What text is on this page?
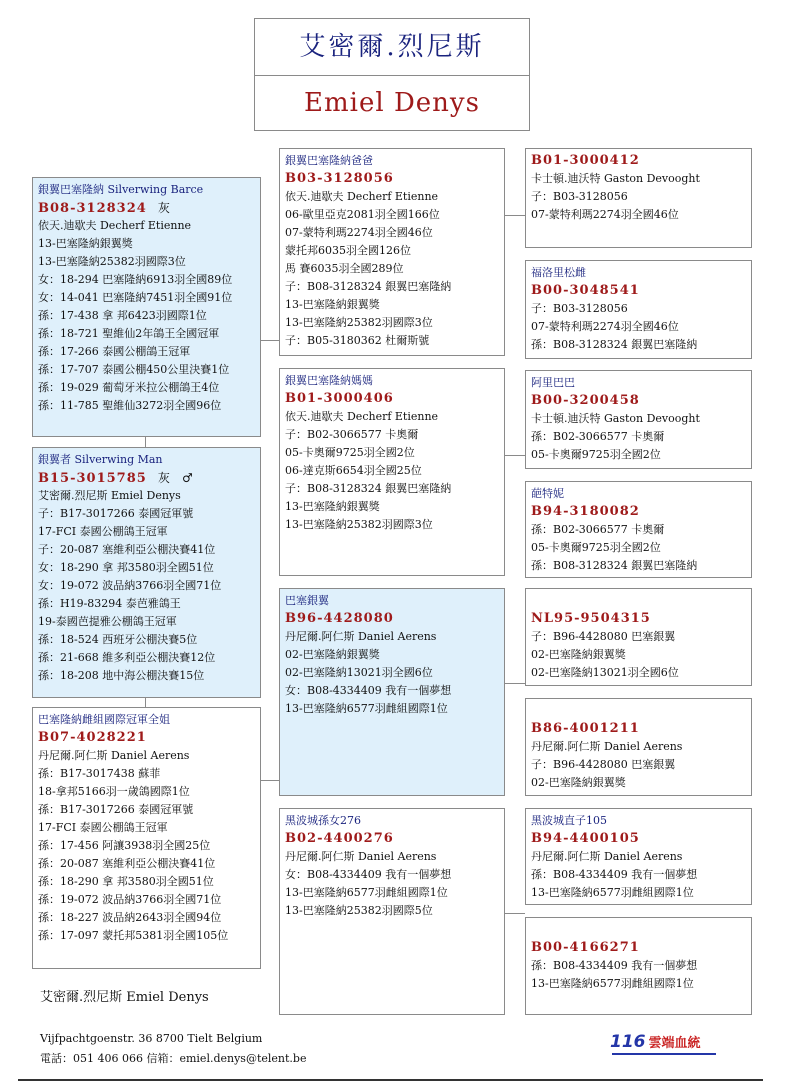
艾密爾.烈尼斯
Emiel Denys
銀翼巴塞隆納 Silverwing Barce
B08-3128324 灰
依天.迪歇夫 Decherf Etienne
13-巴塞隆納銀翼獎
13-巴塞隆納25382羽國際3位
女：18-294 巴塞隆納6913羽全國89位
女：14-041 巴塞隆納7451羽全國91位
孫：17-438 拿 邦6423羽國際1位
孫：18-721 聖維仙2年鴿王全國冠軍
孫：17-266 泰國公棚鴿王冠軍
孫：17-707 泰國公棚450公里決賽1位
孫：19-029 葡萄牙米拉公棚鴿王4位
孫：11-785 聖維仙3272羽全國96位
銀翼者 Silverwing Man
B15-3015785 灰 ♂
艾密爾.烈尼斯 Emiel Denys
子：B17-3017266 泰國冠軍號
17-FCI 泰國公棚鴿王冠軍
子：20-087 塞維利亞公棚決賽41位
女：18-290 拿 邦3580羽全國51位
女：19-072 波品納3766羽全國71位
孫：H19-83294 泰芭雅鴿王
19-泰國芭提雅公棚鴿王冠軍
孫：18-524 西班牙公棚決賽5位
孫：21-668 維多利亞公棚決賽12位
孫：18-208 地中海公棚決賽15位
巴塞隆納雌組國際冠軍全姐
B07-4028221
丹尼爾.阿仁斯 Daniel Aerens
孫：B17-3017438 蘇菲
18-拿邦5166羽一歲鴿國際1位
孫：B17-3017266 泰國冠軍號
17-FCI 泰國公棚鴿王冠軍
孫：17-456 阿讓3938羽全國25位
孫：20-087 塞維利亞公棚決賽41位
孫：18-290 拿 邦3580羽全國51位
孫：19-072 波品納3766羽全國71位
孫：18-227 波品納2643羽全國94位
孫：17-097 蒙托邦5381羽全國105位
銀翼巴塞隆納爸爸
B03-3128056
依天.迪歇夫 Decherf Etienne
06-歐里亞克2081羽全國166位
07-蒙特利瑪2274羽全國46位
蒙托邦6035羽全國126位
馬 賽6035羽全國289位
子：B08-3128324 銀翼巴塞隆納
13-巴塞隆納銀翼獎
13-巴塞隆納25382羽國際3位
子：B05-3180362 杜爾斯號
銀翼巴塞隆納媽媽
B01-3000406
依天.迪歇夫 Decherf Etienne
子：B02-3066577 卡奧爾
05-卡奧爾9725羽全國2位
06-達克斯6654羽全國25位
子：B08-3128324 銀翼巴塞隆納
13-巴塞隆納銀翼獎
13-巴塞隆納25382羽國際3位
巴塞銀翼
B96-4428080
丹尼爾.阿仁斯 Daniel Aerens
02-巴塞隆納銀翼獎
02-巴塞隆納13021羽全國6位
女：B08-4334409 我有一個夢想
13-巴塞隆納6577羽雌組國際1位
黑波城孫女276
B02-4400276
丹尼爾.阿仁斯 Daniel Aerens
女：B08-4334409 我有一個夢想
13-巴塞隆納6577羽雌組國際1位
13-巴塞隆納25382羽國際5位
B01-3000412
卡士頓.迪沃特 Gaston Devooght
子：B03-3128056
07-蒙特利瑪2274羽全國46位
福洛里松雌
B00-3048541
子：B03-3128056
07-蒙特利瑪2274羽全國46位
孫：B08-3128324 銀翼巴塞隆納
阿里巴巴
B00-3200458
卡士頓.迪沃特 Gaston Devooght
孫：B02-3066577 卡奧爾
05-卡奧爾9725羽全國2位
葩特妮
B94-3180082
孫：B02-3066577 卡奧爾
05-卡奧爾9725羽全國2位
孫：B08-3128324 銀翼巴塞隆納
NL95-9504315
子：B96-4428080 巴塞銀翼
02-巴塞隆納銀翼獎
02-巴塞隆納13021羽全國6位
B86-4001211
丹尼爾.阿仁斯 Daniel Aerens
子：B96-4428080 巴塞銀翼
02-巴塞隆納銀翼獎
黑波城直子105
B94-4400105
丹尼爾.阿仁斯 Daniel Aerens
孫：B08-4334409 我有一個夢想
13-巴塞隆納6577羽雌組國際1位
B00-4166271
孫：B08-4334409 我有一個夢想
13-巴塞隆納6577羽雌組國際1位
艾密爾.烈尼斯 Emiel Denys
Vijfpachtgoenstr. 36 8700 Tielt Belgium
電話：051 406 066 信箱：emiel.denys@telent.be
116 雲端血統
